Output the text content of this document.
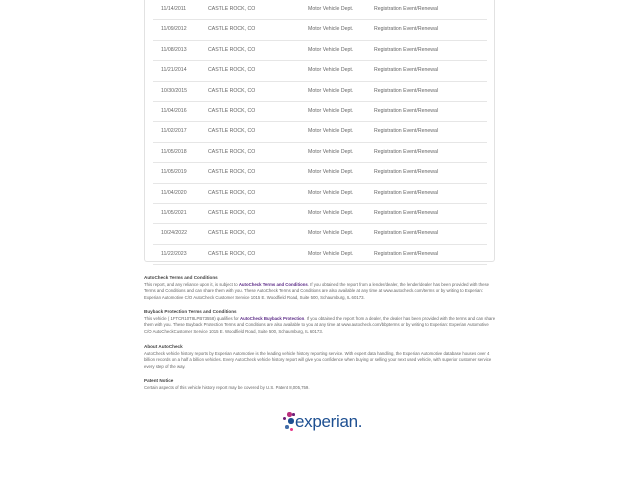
11/14/2011	CASTLE ROCK, CO	Motor Vehicle Dept.	Registration Event/Renewal
11/09/2012	CASTLE ROCK, CO	Motor Vehicle Dept.	Registration Event/Renewal
11/08/2013	CASTLE ROCK, CO	Motor Vehicle Dept.	Registration Event/Renewal
11/21/2014	CASTLE ROCK, CO	Motor Vehicle Dept.	Registration Event/Renewal
10/30/2015	CASTLE ROCK, CO	Motor Vehicle Dept.	Registration Event/Renewal
11/04/2016	CASTLE ROCK, CO	Motor Vehicle Dept.	Registration Event/Renewal
11/02/2017	CASTLE ROCK, CO	Motor Vehicle Dept.	Registration Event/Renewal
11/05/2018	CASTLE ROCK, CO	Motor Vehicle Dept.	Registration Event/Renewal
11/05/2019	CASTLE ROCK, CO	Motor Vehicle Dept.	Registration Event/Renewal
11/04/2020	CASTLE ROCK, CO	Motor Vehicle Dept.	Registration Event/Renewal
11/05/2021	CASTLE ROCK, CO	Motor Vehicle Dept.	Registration Event/Renewal
10/24/2022	CASTLE ROCK, CO	Motor Vehicle Dept.	Registration Event/Renewal
11/22/2023	CASTLE ROCK, CO	Motor Vehicle Dept.	Registration Event/Renewal
AutoCheck Terms and Conditions

This report, and any reliance upon it, is subject to AutoCheck Terms and Conditions. If you obtained the report from a lender/dealer, the lender/dealer has been provided with these Terms and Conditions and can share them with you. These AutoCheck Terms and Conditions are also available at any time at www.autocheck.com/terms or by writing to Experian: Experian Automotive C/O AutoCheck Customer Service 1015 E. Woodfield Road, Suite 500, Schaumburg, IL 60173.

Buyback Protection Terms and Conditions

This vehicle ( 1FTCR10T8LPB73558) qualifies for AutoCheck Buyback Protection. If you obtained the report from a dealer, the dealer has been provided with the terms and can share them with you. These Buyback Protection Terms and Conditions are also available to you at any time at www.autocheck.com/bbpterms or by writing to Experian: Experian Automotive C/O AutoCheckCustomer Service 1015 E. Woodfield Road, Suite 500, Schaumburg, IL 60173.

About AutoCheck

AutoCheck vehicle history reports by Experian Automotive is the leading vehicle history reporting service. With expert data handling, the Experian Automotive database houses over 4 billion records on a half a billion vehicles. Every AutoCheck vehicle history report will give you confidence when buying or selling your next used vehicle, with superior customer service every step of the way.

Patent Notice

Certain aspects of this vehicle history report may be covered by U.S. Patent 8,005,759.

experian.
